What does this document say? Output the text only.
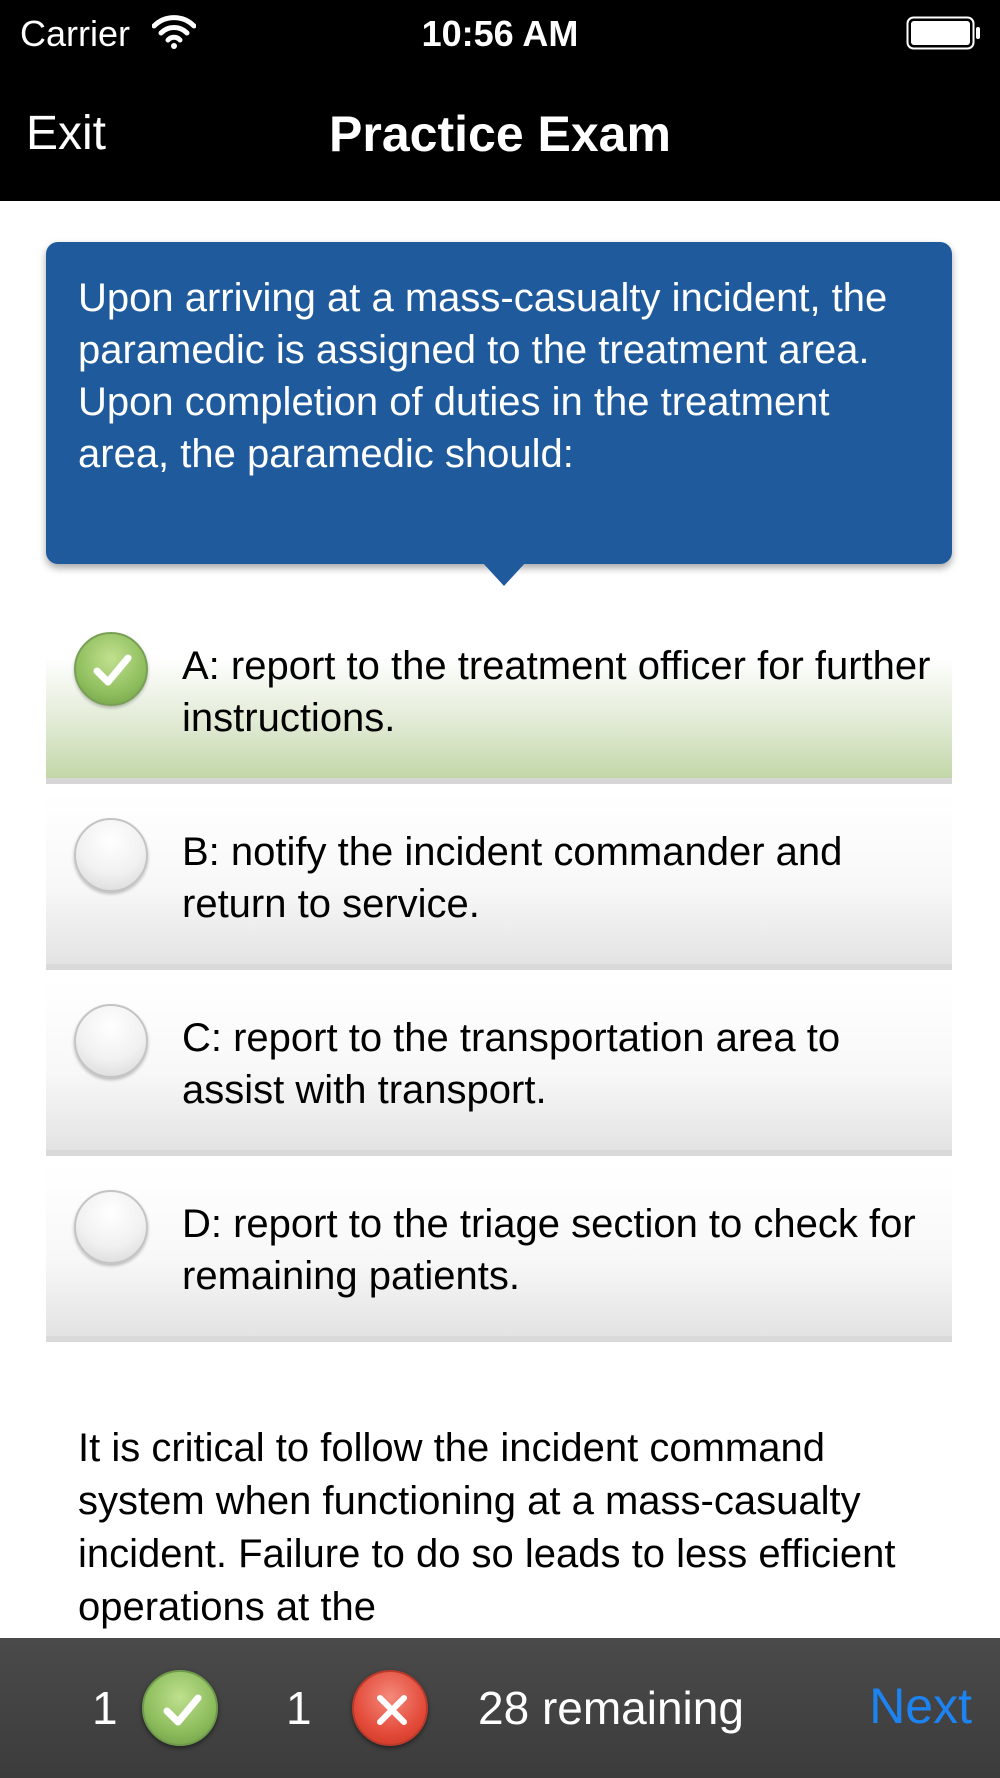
Carrier	10:56 AM
Exit	Practice Exam

Upon arriving at a mass-casualty incident, the paramedic is assigned to the treatment area. Upon completion of duties in the treatment area, the paramedic should:

A: report to the treatment officer for further instructions.

B: notify the incident commander and return to service.

C: report to the transportation area to assist with transport.

D: report to the triage section to check for remaining patients.

It is critical to follow the incident command system when functioning at a mass-casualty incident. Failure to do so leads to less efficient operations at the

1	1	28 remaining	Next
